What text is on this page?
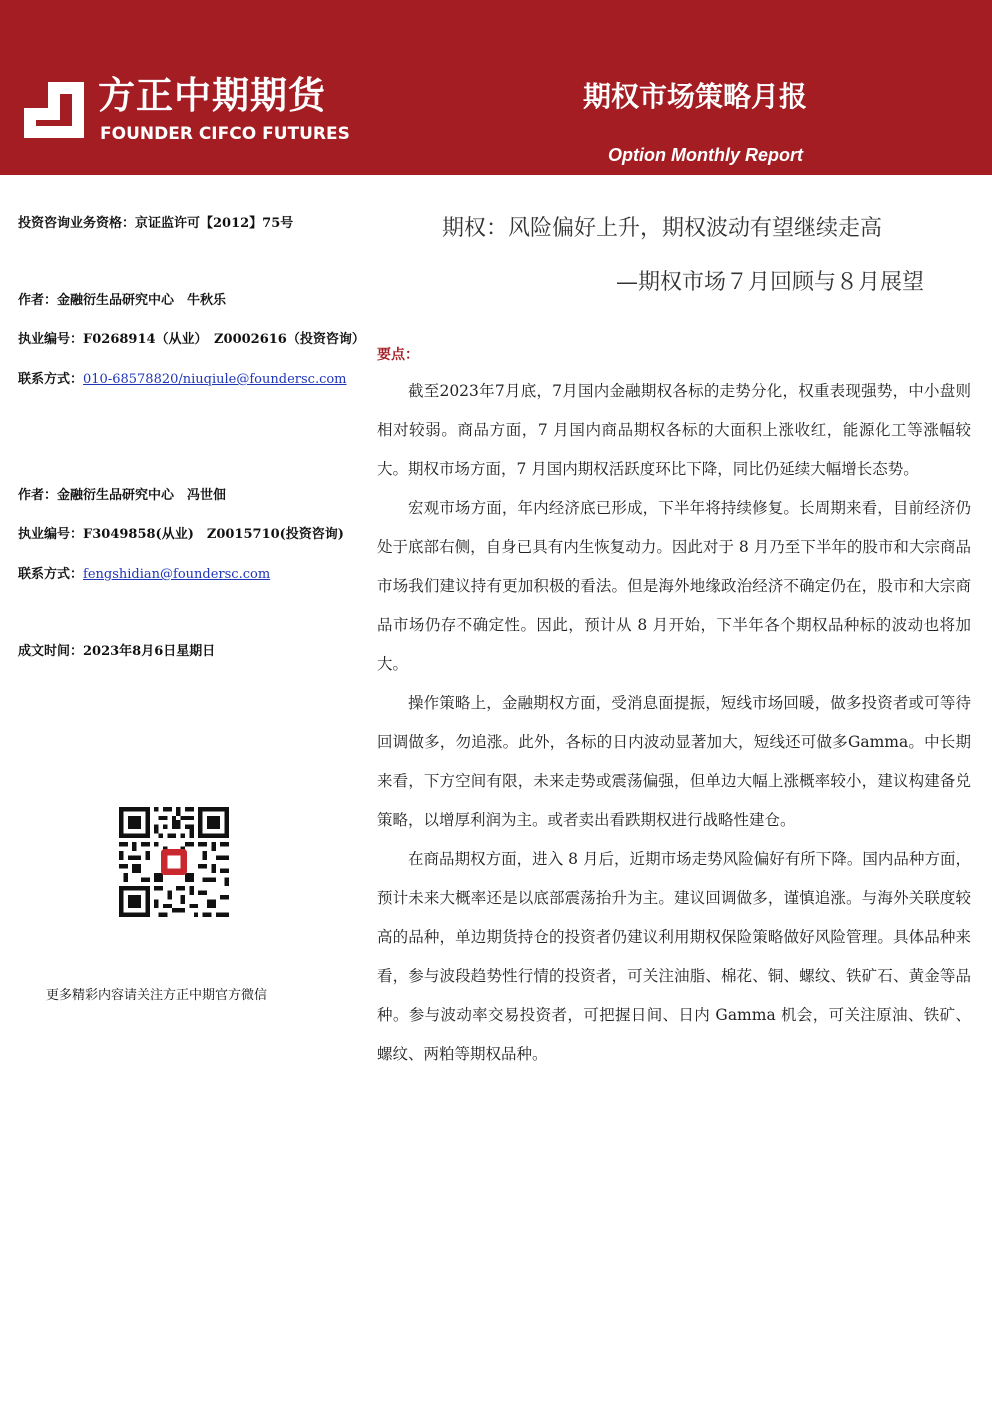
方正中期期货
FOUNDER CIFCO FUTURES
期权市场策略月报
Option Monthly Report
投资咨询业务资格：京证监许可【2012】75号
作者：金融衍生品研究中心　牛秋乐
执业编号：F0268914（从业）　Z0002616（投资咨询）
联系方式：010-68578820/niuqiule@foundersc.com
作者：金融衍生品研究中心　冯世佃
执业编号：F3049858(从业)　Z0015710(投资咨询)
联系方式：fengshidian@foundersc.com
成文时间：2023年8月6日星期日
更多精彩内容请关注方正中期官方微信
期权：风险偏好上升，期权波动有望继续走高
—期权市场７月回顾与８月展望
要点：

截至2023年7月底，7月国内金融期权各标的走势分化，权重表现强势，中小盘则相对较弱。商品方面，7 月国内商品期权各标的大面积上涨收红，能源化工等涨幅较大。期权市场方面，7 月国内期权活跃度环比下降，同比仍延续大幅增长态势。

宏观市场方面，年内经济底已形成，下半年将持续修复。长周期来看，目前经济仍处于底部右侧，自身已具有内生恢复动力。因此对于 8 月乃至下半年的股市和大宗商品市场我们建议持有更加积极的看法。但是海外地缘政治经济不确定仍在，股市和大宗商品市场仍存不确定性。因此，预计从 8 月开始，下半年各个期权品种标的波动也将加大。

操作策略上，金融期权方面，受消息面提振，短线市场回暖，做多投资者或可等待回调做多，勿追涨。此外，各标的日内波动显著加大，短线还可做多Gamma。中长期来看，下方空间有限，未来走势或震荡偏强，但单边大幅上涨概率较小，建议构建备兑策略，以增厚利润为主。或者卖出看跌期权进行战略性建仓。

在商品期权方面，进入 8 月后，近期市场走势风险偏好有所下降。国内品种方面，预计未来大概率还是以底部震荡抬升为主。建议回调做多，谨慎追涨。与海外关联度较高的品种，单边期货持仓的投资者仍建议利用期权保险策略做好风险管理。具体品种来看，参与波段趋势性行情的投资者，可关注油脂、棉花、铜、螺纹、铁矿石、黄金等品种。参与波动率交易投资者，可把握日间、日内 Gamma 机会，可关注原油、铁矿、螺纹、两粕等期权品种。
